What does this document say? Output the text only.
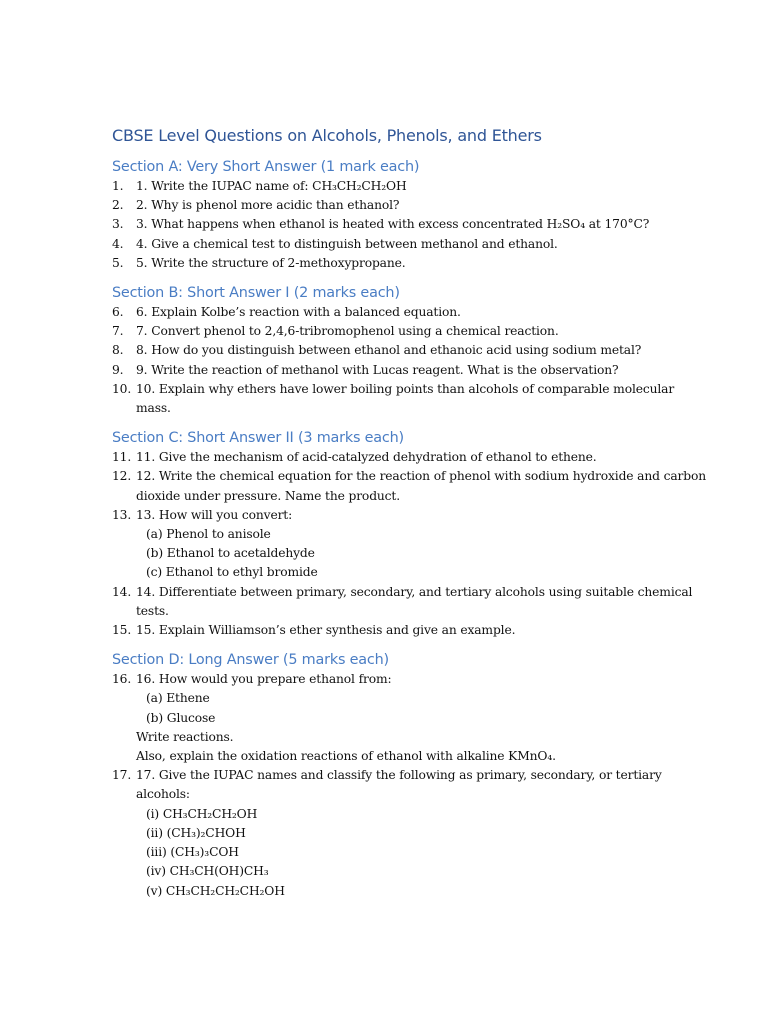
CBSE Level Questions on Alcohols, Phenols, and Ethers
Section A: Very Short Answer (1 mark each)
1.	1. Write the IUPAC name of: CH₃CH₂CH₂OH
2.	2. Why is phenol more acidic than ethanol?
3.	3. What happens when ethanol is heated with excess concentrated H₂SO₄ at 170°C?
4.	4. Give a chemical test to distinguish between methanol and ethanol.
5.	5. Write the structure of 2-methoxypropane.
Section B: Short Answer I (2 marks each)
6.	6. Explain Kolbe’s reaction with a balanced equation.
7.	7. Convert phenol to 2,4,6-tribromophenol using a chemical reaction.
8.	8. How do you distinguish between ethanol and ethanoic acid using sodium metal?
9.	9. Write the reaction of methanol with Lucas reagent. What is the observation?
10. 10. Explain why ethers have lower boiling points than alcohols of comparable molecular mass.
Section C: Short Answer II (3 marks each)
11. 11. Give the mechanism of acid-catalyzed dehydration of ethanol to ethene.
12. 12. Write the chemical equation for the reaction of phenol with sodium hydroxide and carbon dioxide under pressure. Name the product.
13. 13. How will you convert:
(a) Phenol to anisole
(b) Ethanol to acetaldehyde
(c) Ethanol to ethyl bromide
14. 14. Differentiate between primary, secondary, and tertiary alcohols using suitable chemical tests.
15. 15. Explain Williamson’s ether synthesis and give an example.
Section D: Long Answer (5 marks each)
16. 16. How would you prepare ethanol from:
(a) Ethene
(b) Glucose
Write reactions.
Also, explain the oxidation reactions of ethanol with alkaline KMnO₄.
17. 17. Give the IUPAC names and classify the following as primary, secondary, or tertiary alcohols:
(i) CH₃CH₂CH₂OH
(ii) (CH₃)₂CHOH
(iii) (CH₃)₃COH
(iv) CH₃CH(OH)CH₃
(v) CH₃CH₂CH₂CH₂OH
